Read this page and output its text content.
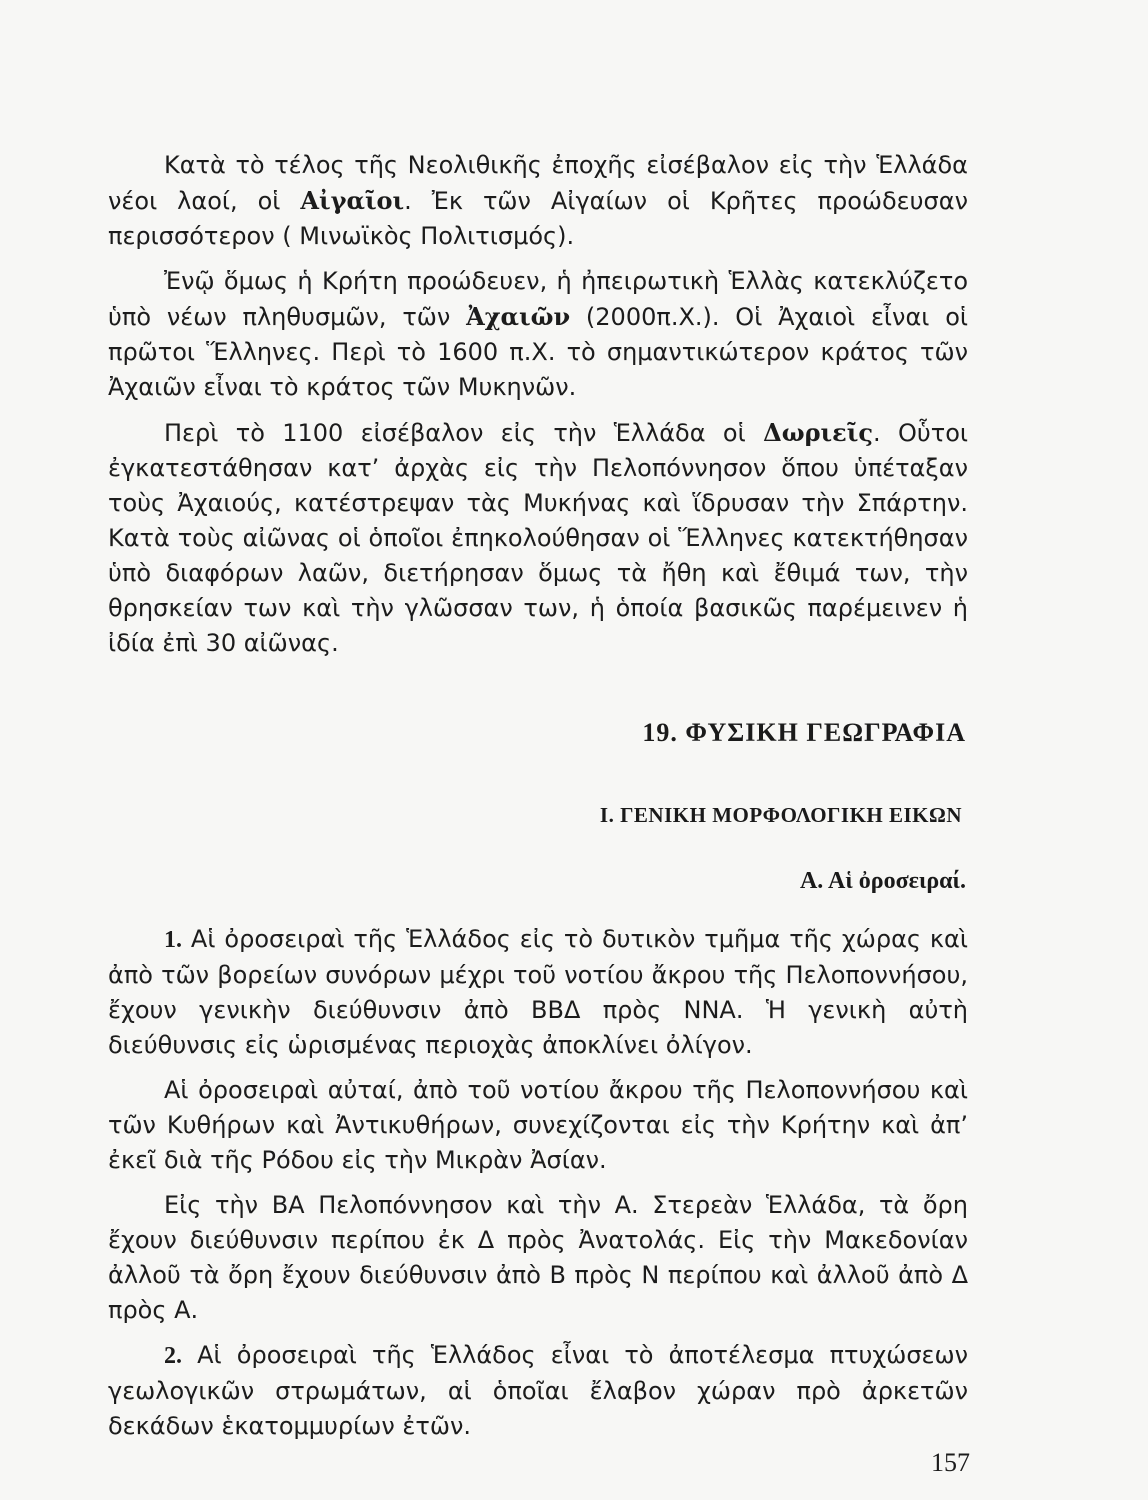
Κατὰ τὸ τέλος τῆς Νεολιθικῆς ἐποχῆς εἰσέβαλον εἰς τὴν Ἑλλάδα νέοι λαοί, οἱ Αἰγαῖοι. Ἐκ τῶν Αἰγαίων οἱ Κρῆτες προώδευσαν περισσότερον ( Μινωϊκὸς Πολιτισμός).

Ἐνῷ ὅμως ἡ Κρήτη προώδευεν, ἡ ἠπειρωτικὴ Ἑλλὰς κατεκλύζετο ὑπὸ νέων πληθυσμῶν, τῶν Ἀχαιῶν (2000π.Χ.). Οἱ Ἀχαιοὶ εἶναι οἱ πρῶτοι Ἕλληνες. Περὶ τὸ 1600 π.Χ. τὸ σημαντικώτερον κράτος τῶν Ἀχαιῶν εἶναι τὸ κράτος τῶν Μυκηνῶν.

Περὶ τὸ 1100 εἰσέβαλον εἰς τὴν Ἑλλάδα οἱ Δωριεῖς. Οὗτοι ἐγκατεστάθησαν κατ’ ἀρχὰς εἰς τὴν Πελοπόννησον ὅπου ὑπέταξαν τοὺς Ἀχαιούς, κατέστρεψαν τὰς Μυκήνας καὶ ἵδρυσαν τὴν Σπάρτην. Κατὰ τοὺς αἰῶνας οἱ ὁποῖοι ἐπηκολούθησαν οἱ Ἕλληνες κατεκτήθησαν ὑπὸ διαφόρων λαῶν, διετήρησαν ὅμως τὰ ἤθη καὶ ἔθιμά των, τὴν θρησκείαν των καὶ τὴν γλῶσσαν των, ἡ ὁποία βασικῶς παρέμεινεν ἡ ἰδία ἐπὶ 30 αἰῶνας.

19. ΦΥΣΙΚΗ ΓΕΩΓΡΑΦΙΑ
Ι. ΓΕΝΙΚΗ ΜΟΡΦΟΛΟΓΙΚΗ ΕΙΚΩΝ
Α. Αἱ ὀροσειραί.

1. Αἱ ὀροσειραὶ τῆς Ἑλλάδος εἰς τὸ δυτικὸν τμῆμα τῆς χώρας καὶ ἀπὸ τῶν βορείων συνόρων μέχρι τοῦ νοτίου ἄκρου τῆς Πελοποννήσου, ἔχουν γενικὴν διεύθυνσιν ἀπὸ ΒΒΔ πρὸς ΝΝΑ. Ἡ γενικὴ αὐτὴ διεύθυνσις εἰς ὡρισμένας περιοχὰς ἀποκλίνει ὀλίγον.

Αἱ ὀροσειραὶ αὐταί, ἀπὸ τοῦ νοτίου ἄκρου τῆς Πελοποννήσου καὶ τῶν Κυθήρων καὶ Ἀντικυθήρων, συνεχίζονται εἰς τὴν Κρήτην καὶ ἀπ’ ἐκεῖ διὰ τῆς Ρόδου εἰς τὴν Μικρὰν Ἀσίαν.

Εἰς τὴν ΒΑ Πελοπόννησον καὶ τὴν Α. Στερεὰν Ἑλλάδα, τὰ ὄρη ἔχουν διεύθυνσιν περίπου ἐκ Δ πρὸς Ἀνατολάς. Εἰς τὴν Μακεδονίαν ἀλλοῦ τὰ ὄρη ἔχουν διεύθυνσιν ἀπὸ Β πρὸς Ν περίπου καὶ ἀλλοῦ ἀπὸ Δ πρὸς Α.

2. Αἱ ὀροσειραὶ τῆς Ἑλλάδος εἶναι τὸ ἀποτέλεσμα πτυχώσεων γεωλογικῶν στρωμάτων, αἱ ὁποῖαι ἔλαβον χώραν πρὸ ἀρκετῶν δεκάδων ἑκατομμυρίων ἐτῶν.

157
